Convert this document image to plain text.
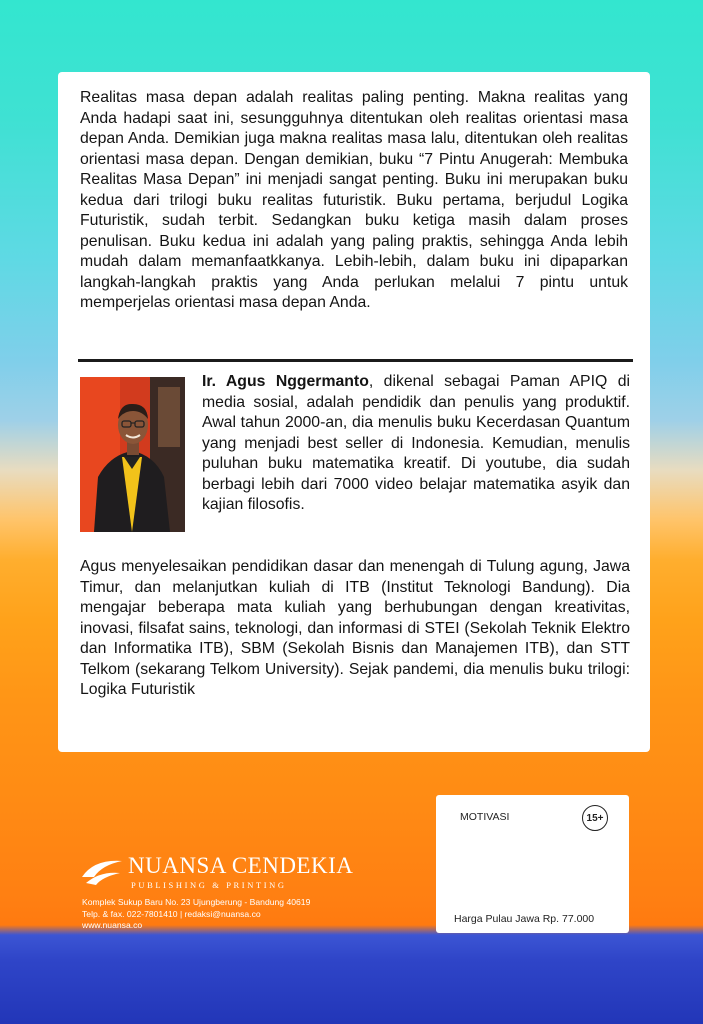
Realitas masa depan adalah realitas paling penting. Makna realitas yang Anda hadapi saat ini, sesungguhnya ditentukan oleh realitas orientasi masa depan Anda. Demikian juga makna realitas masa lalu, ditentukan oleh realitas orientasi masa depan. Dengan demikian, buku “7 Pintu Anugerah: Membuka Realitas Masa Depan” ini menjadi sangat penting. Buku ini merupakan buku kedua dari trilogi buku realitas futuristik. Buku pertama, berjudul Logika Futuristik, sudah terbit. Sedangkan buku ketiga masih dalam proses penulisan. Buku kedua ini adalah yang paling praktis, sehingga Anda lebih mudah dalam memanfaatkkanya. Lebih-lebih, dalam buku ini dipaparkan langkah-langkah praktis yang Anda perlukan melalui 7 pintu untuk memperjelas orientasi masa depan Anda.

Ir. Agus Nggermanto, dikenal sebagai Paman APIQ di media sosial, adalah pendidik dan penulis yang produktif. Awal tahun 2000-an, dia menulis buku Kecerdasan Quantum yang menjadi best seller di Indonesia. Kemudian, menulis puluhan buku matematika kreatif. Di youtube, dia sudah berbagi lebih dari 7000 video belajar matematika asyik dan kajian filosofis.

Agus menyelesaikan pendidikan dasar dan menengah di Tulung agung, Jawa Timur, dan melanjutkan kuliah di ITB (Institut Teknologi Bandung). Dia mengajar beberapa mata kuliah yang berhubungan dengan kreativitas, inovasi, filsafat sains, teknologi, dan informasi di STEI (Sekolah Teknik Elektro dan Informatika ITB), SBM (Sekolah Bisnis dan Manajemen ITB), dan STT Telkom (sekarang Telkom University). Sejak pandemi, dia menulis buku trilogi: Logika Futuristik

MOTIVASI	15+
Harga Pulau Jawa Rp. 77.000
NUANSA CENDEKIA
PUBLISHING & PRINTING

Komplek Sukup Baru No. 23 Ujungberung - Bandung 40619
Telp. & fax. 022-7801410 | redaksi@nuansa.co
www.nuansa.co
